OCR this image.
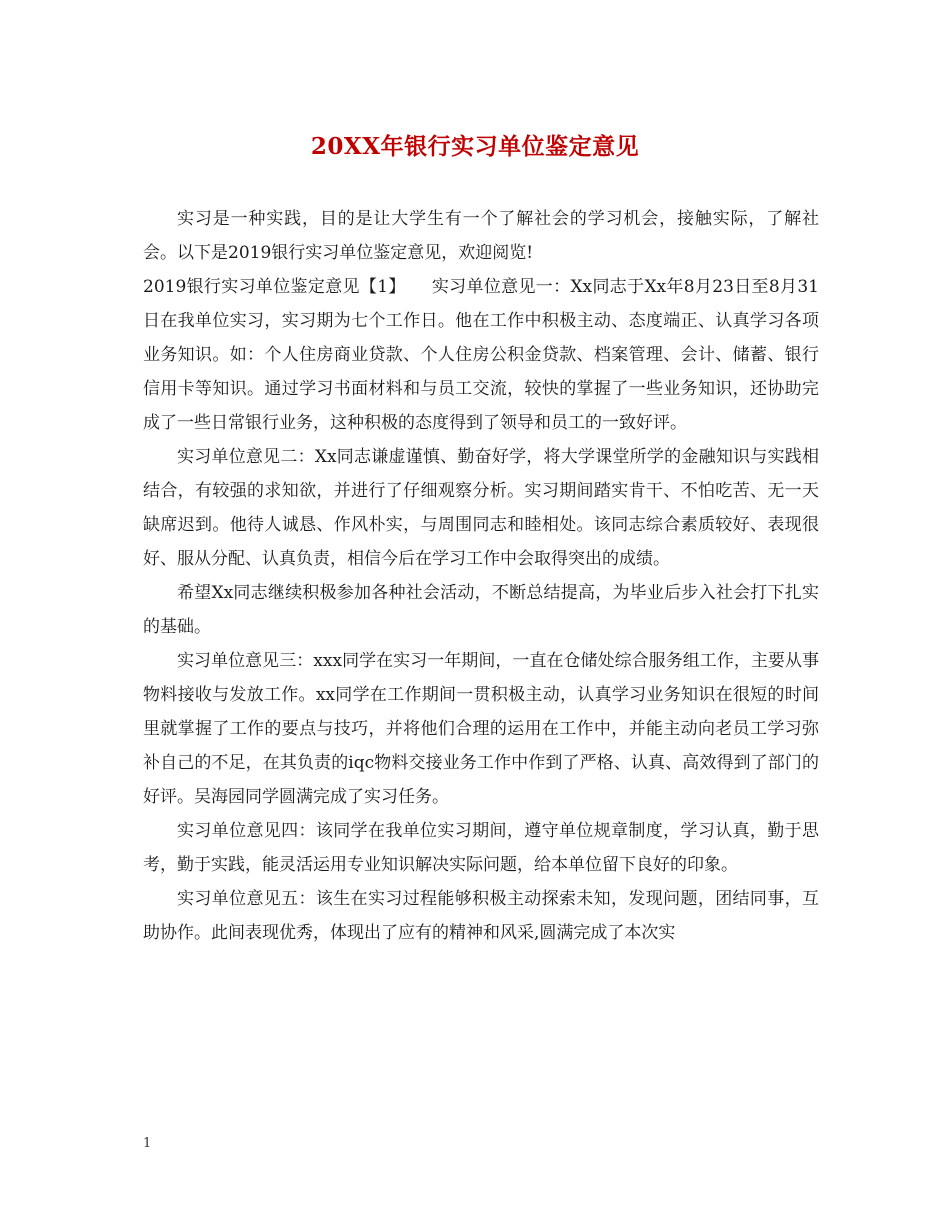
20XX年银行实习单位鉴定意见

实习是一种实践，目的是让大学生有一个了解社会的学习机会，接触实际，了解社会。以下是2019银行实习单位鉴定意见，欢迎阅览!

2019银行实习单位鉴定意见【1】　　实习单位意见一：Xx同志于Xx年8月23日至8月31日在我单位实习，实习期为七个工作日。他在工作中积极主动、态度端正、认真学习各项业务知识。如：个人住房商业贷款、个人住房公积金贷款、档案管理、会计、储蓄、银行信用卡等知识。通过学习书面材料和与员工交流，较快的掌握了一些业务知识，还协助完成了一些日常银行业务，这种积极的态度得到了领导和员工的一致好评。

实习单位意见二：Xx同志谦虚谨慎、勤奋好学，将大学课堂所学的金融知识与实践相结合，有较强的求知欲，并进行了仔细观察分析。实习期间踏实肯干、不怕吃苦、无一天缺席迟到。他待人诚恳、作风朴实，与周围同志和睦相处。该同志综合素质较好、表现很好、服从分配、认真负责，相信今后在学习工作中会取得突出的成绩。

希望Xx同志继续积极参加各种社会活动，不断总结提高，为毕业后步入社会打下扎实的基础。

实习单位意见三：xxx同学在实习一年期间，一直在仓储处综合服务组工作，主要从事物料接收与发放工作。xx同学在工作期间一贯积极主动，认真学习业务知识在很短的时间里就掌握了工作的要点与技巧，并将他们合理的运用在工作中，并能主动向老员工学习弥补自己的不足，在其负责的iqc物料交接业务工作中作到了严格、认真、高效得到了部门的好评。吴海园同学圆满完成了实习任务。

实习单位意见四：该同学在我单位实习期间，遵守单位规章制度，学习认真，勤于思考，勤于实践，能灵活运用专业知识解决实际问题，给本单位留下良好的印象。

实习单位意见五：该生在实习过程能够积极主动探索未知，发现问题，团结同事，互助协作。此间表现优秀，体现出了应有的精神和风采,圆满完成了本次实

1
